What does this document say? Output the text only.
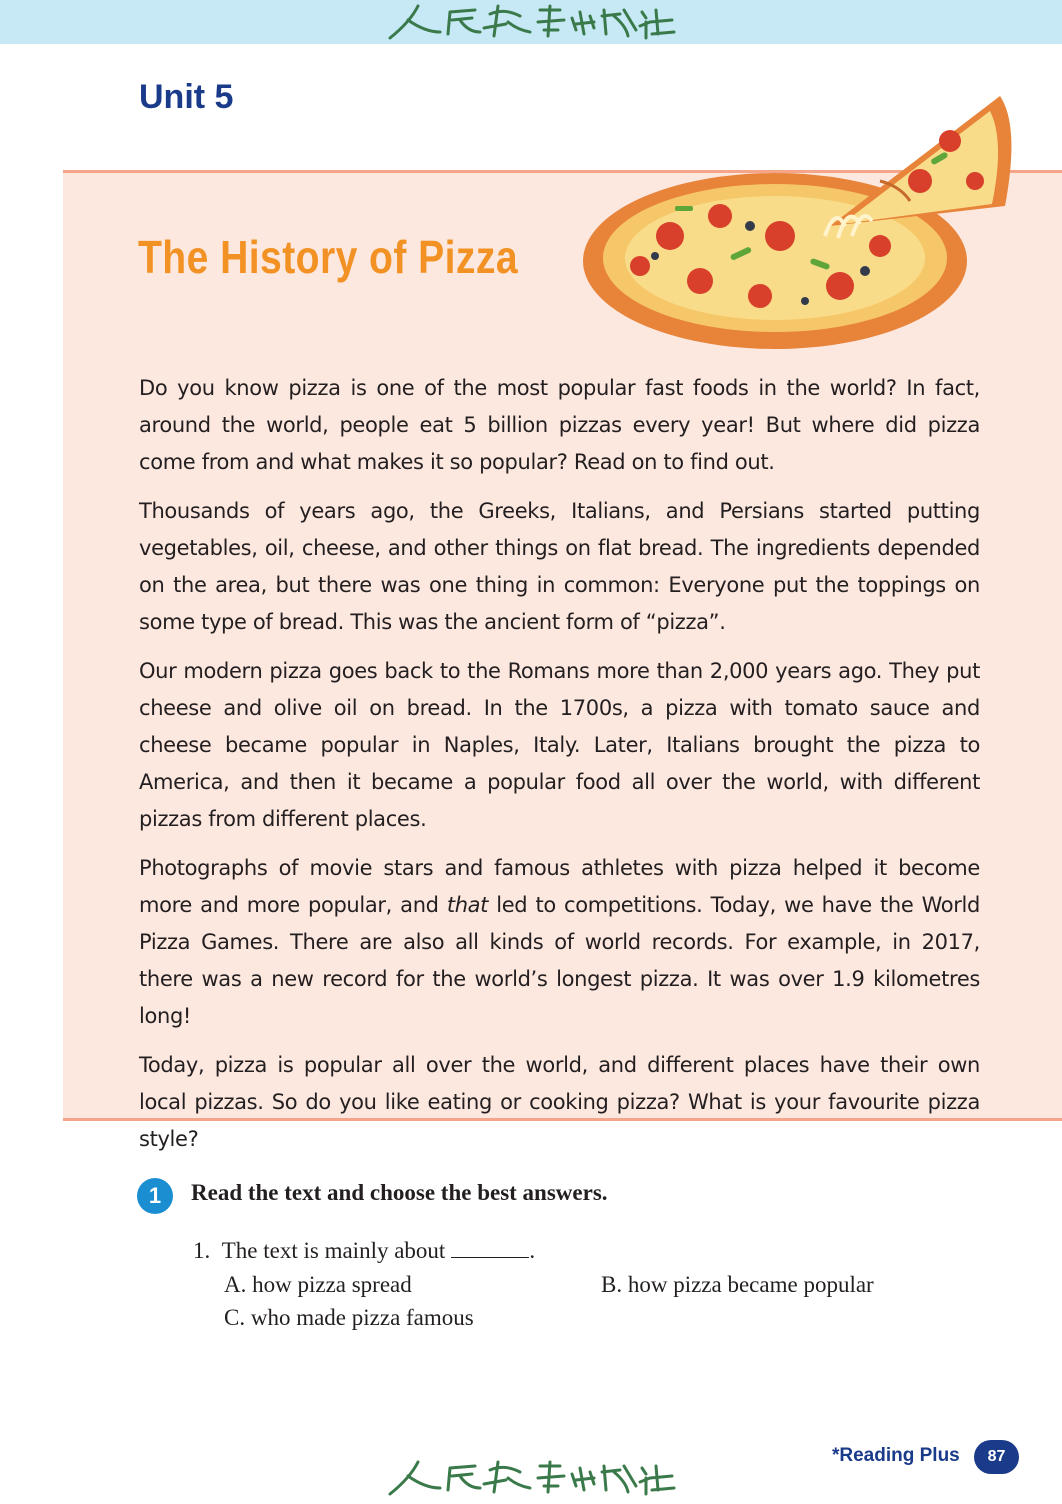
Unit 5
The History of Pizza

Do you know pizza is one of the most popular fast foods in the world? In fact, around the world, people eat 5 billion pizzas every year! But where did pizza come from and what makes it so popular? Read on to find out.

Thousands of years ago, the Greeks, Italians, and Persians started putting vegetables, oil, cheese, and other things on flat bread. The ingredients depended on the area, but there was one thing in common: Everyone put the toppings on some type of bread. This was the ancient form of “pizza”.

Our modern pizza goes back to the Romans more than 2,000 years ago. They put cheese and olive oil on bread. In the 1700s, a pizza with tomato sauce and cheese became popular in Naples, Italy. Later, Italians brought the pizza to America, and then it became a popular food all over the world, with different pizzas from different places.

Photographs of movie stars and famous athletes with pizza helped it become more and more popular, and that led to competitions. Today, we have the World Pizza Games. There are also all kinds of world records. For example, in 2017, there was a new record for the world’s longest pizza. It was over 1.9 kilometres long!

Today, pizza is popular all over the world, and different places have their own local pizzas. So do you like eating or cooking pizza? What is your favourite pizza style?

1	Read the text and choose the best answers.
1. The text is mainly about	.
A. how pizza spread	B. how pizza became popular
C. who made pizza famous
*Reading Plus	87
